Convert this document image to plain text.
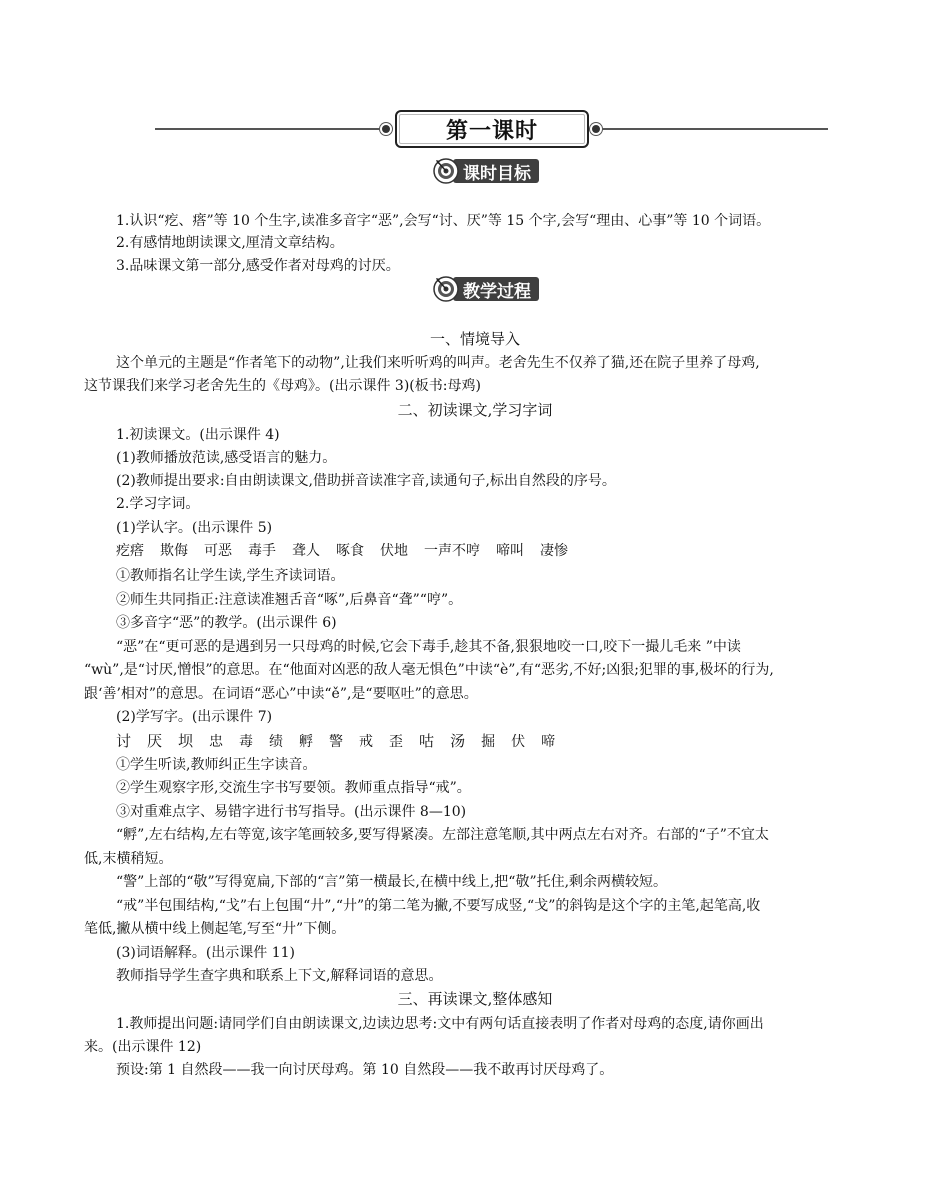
第一课时
课时目标
1.认识“疙、瘩”等 10 个生字,读准多音字“恶”,会写“讨、厌”等 15 个字,会写“理由、心事”等 10 个词语。
2.有感情地朗读课文,厘清文章结构。
3.品味课文第一部分,感受作者对母鸡的讨厌。
教学过程
一、情境导入
这个单元的主题是“作者笔下的动物”,让我们来听听鸡的叫声。老舍先生不仅养了猫,还在院子里养了母鸡,
这节课我们来学习老舍先生的《母鸡》。(出示课件 3)(板书:母鸡)
二、初读课文,学习字词
1.初读课文。(出示课件 4)
(1)教师播放范读,感受语言的魅力。
(2)教师提出要求:自由朗读课文,借助拼音读准字音,读通句子,标出自然段的序号。
2.学习字词。
(1)学认字。(出示课件 5)
疙瘩 欺侮 可恶 毒手 聋人 啄食 伏地 一声不哼 啼叫 凄惨
①教师指名让学生读,学生齐读词语。
②师生共同指正:注意读准翘舌音“啄”,后鼻音“聋”“哼”。
③多音字“恶”的教学。(出示课件 6)
“恶”在“更可恶的是遇到另一只母鸡的时候,它会下毒手,趁其不备,狠狠地咬一口,咬下一撮儿毛来 ”中读
“wù”,是“讨厌,憎恨”的意思。在“他面对凶恶的敌人毫无惧色”中读“è”,有“恶劣,不好;凶狠;犯罪的事,极坏的行为,
跟‘善’相对”的意思。在词语“恶心”中读“ě”,是“要呕吐”的意思。
(2)学写字。(出示课件 7)
讨 厌 坝 忠 毒 绩 孵 警 戒 歪 咕 汤 掘 伏 啼
①学生听读,教师纠正生字读音。
②学生观察字形,交流生字书写要领。教师重点指导“戒”。
③对重难点字、易错字进行书写指导。(出示课件 8—10)
“孵”,左右结构,左右等宽,该字笔画较多,要写得紧凑。左部注意笔顺,其中两点左右对齐。右部的“子”不宜太
低,末横稍短。
“警”上部的“敬”写得宽扁,下部的“言”第一横最长,在横中线上,把“敬”托住,剩余两横较短。
“戒”半包围结构,“戈”右上包围“廾”,“廾”的第二笔为撇,不要写成竖,“戈”的斜钩是这个字的主笔,起笔高,收
笔低,撇从横中线上侧起笔,写至“廾”下侧。
(3)词语解释。(出示课件 11)
教师指导学生查字典和联系上下文,解释词语的意思。
三、再读课文,整体感知
1.教师提出问题:请同学们自由朗读课文,边读边思考:文中有两句话直接表明了作者对母鸡的态度,请你画出
来。(出示课件 12)
预设:第 1 自然段——我一向讨厌母鸡。第 10 自然段——我不敢再讨厌母鸡了。
